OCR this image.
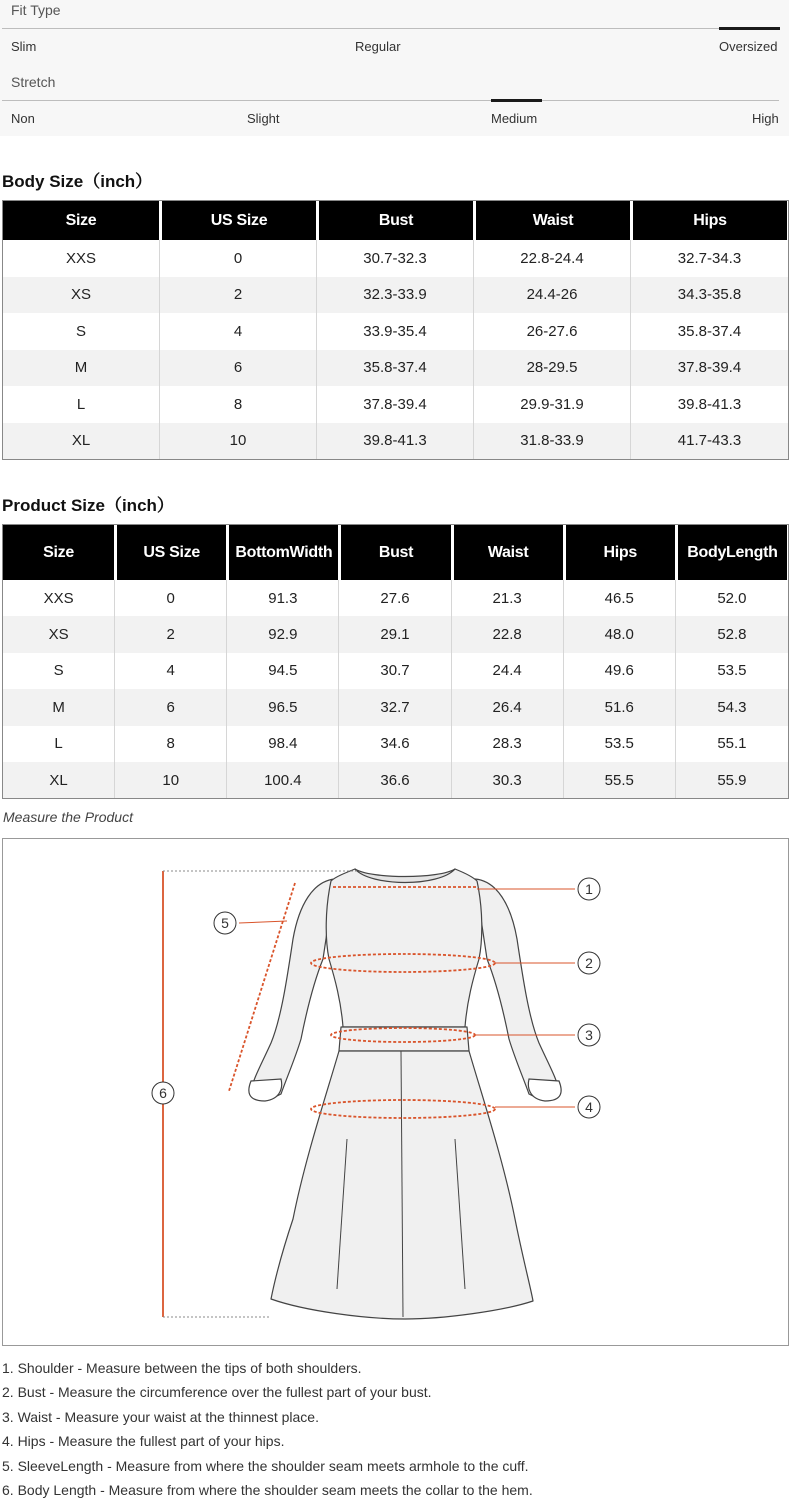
Fit Type
Slim	Regular	Oversized
Stretch
Non	Slight	Medium	High
Body Size（inch）
Size	US Size	Bust	Waist	Hips
XXS	0	30.7-32.3	22.8-24.4	32.7-34.3
XS	2	32.3-33.9	24.4-26	34.3-35.8
S	4	33.9-35.4	26-27.6	35.8-37.4
M	6	35.8-37.4	28-29.5	37.8-39.4
L	8	37.8-39.4	29.9-31.9	39.8-41.3
XL	10	39.8-41.3	31.8-33.9	41.7-43.3
Product Size（inch）
Size	US Size	BottomWidth	Bust	Waist	Hips	BodyLength
XXS	0	91.3	27.6	21.3	46.5	52.0
XS	2	92.9	29.1	22.8	48.0	52.8
S	4	94.5	30.7	24.4	49.6	53.5
M	6	96.5	32.7	26.4	51.6	54.3
L	8	98.4	34.6	28.3	53.5	55.1
XL	10	100.4	36.6	30.3	55.5	55.9
Measure the Product
1
2
3
4
5
6
1. Shoulder - Measure between the tips of both shoulders.
2. Bust - Measure the circumference over the fullest part of your bust.
3. Waist - Measure your waist at the thinnest place.
4. Hips - Measure the fullest part of your hips.
5. SleeveLength - Measure from where the shoulder seam meets armhole to the cuff.
6. Body Length - Measure from where the shoulder seam meets the collar to the hem.
